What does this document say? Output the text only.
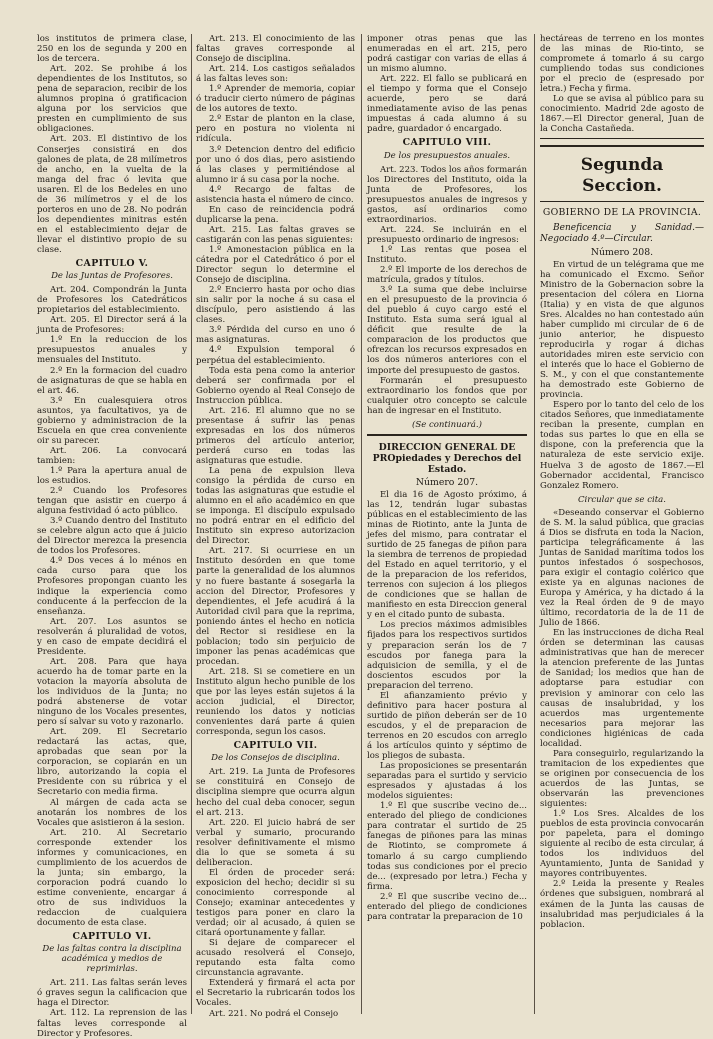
los institutos de primera clase, 250 en los de segunda y 200 en los de tercera.

Art. 202. Se prohibe á los dependientes de los Institutos, so pena de separacion, recibir de los alumnos propina ó gratificacion alguna por los servicios que presten en cumplimiento de sus obligaciones.

Art. 203. El distintivo de los Conserjes consistirá en dos galones de plata, de 28 milímetros de ancho, en la vuelta de la manga del frac ó levita que usaren. El de los Bedeles en uno de 36 milímetros y el de los porteros en uno de 28. No podrán los dependientes minitras estén en el establecimiento dejar de llevar el distintivo propio de su clase.

CAPITULO V.
De las Juntas de Profesores.

Art. 204. Compondrán la Junta de Profesores los Catedráticos propietarios del establecimiento.

Art. 205. El Director será á la junta de Profesores:

1.º En la reduccion de los presupuestos anuales y mensuales del Instituto.

2.º En la formacion del cuadro de asignaturas de que se habla en el art. 46.

3.º En cualesquiera otros asuntos, ya facultativos, ya de gobierno y administracion de la Escuela en que crea conveniente oir su parecer.

Art. 206. La convocará tambien:

1.º Para la apertura anual de los estudios.

2.º Cuando los Profesores tengan que asistir en cuerpo á alguna festividad ó acto público.

3.º Cuando dentro del Instituto se celebre algun acto que á juicio del Director merezca la presencia de todos los Profesores.

4.º Dos veces á lo ménos en cada curso para que los Profesores propongan cuanto les indique la experiencia como conducente á la perfeccion de la enseñanza.

Art. 207. Los asuntos se resolverán á pluralidad de votos, y en caso de empate decidirá el Presidente.

Art. 208. Para que haya acuerdo ha de tomar parte en la votacion la mayoría absoluta de los individuos de la Junta; no podrá abstenerse de votar ninguno de los Vocales presentes, pero sí salvar su voto y razonarlo.

Art. 209. El Secretario redactará las actas, que, aprobadas que sean por la corporacion, se copiarán en un libro, autorizando la copia el Presidente con su rúbrica y el Secretario con media firma.

Al márgen de cada acta se anotarán los nombres de los Vocales que asistieron á la sesion.

Art. 210. Al Secretario corresponde extender los informes y comunicaciones, en cumplimiento de los acuerdos de la junta; sin embargo, la corporacion podrá cuando lo estime conveniente, encargar á otro de sus individuos la redaccion de cualquiera documento de esta clase.

CAPITULO VI.
De las faltas contra la disciplina académica y medios de reprimirlas.

Art. 211. Las faltas serán leves ó graves segun la calificacion que haga el Director.

Art. 112. La reprension de las faltas leves corresponde al Director y Profesores.

Art. 213. El conocimiento de las faltas graves corresponde al Consejo de disciplina.

Art. 214. Los castigos señalados á las faltas leves son:

1.º Aprender de memoria, copiar ó traducir cierto número de páginas de los autores de texto.

2.º Estar de planton en la clase, pero en postura no violenta ni ridícula.

3.º Detencion dentro del edificio por uno ó dos dias, pero asistiendo á las clases y permitiéndose al alumno ir á su casa por la noche.

4.º Recargo de faltas de asistencia hasta el número de cinco.

En caso de reincidencia podrá duplicarse la pena.

Art. 215. Las faltas graves se castigarán con las penas siguientes:

1.º Amonestacion pública en la cátedra por el Catedrático ó por el Director segun lo determine el Consejo de disciplina.

2.º Encierro hasta por ocho dias sin salir por la noche á su casa el discípulo, pero asistiendo á las clases.

3.º Pérdida del curso en uno ó mas asignaturas.

4.º Expulsion temporal ó perpétua del establecimiento.

Toda esta pena como la anterior deberá ser confirmada por el Gobierno oyendo al Real Consejo de Instruccion pública.

Art. 216. El alumno que no se presentase á sufrir las penas expresadas en los dos números primeros del artículo anterior, perderá curso en todas las asignaturas que estudie.

La pena de expulsion lleva consigo la pérdida de curso en todas las asignaturas que estudie el alumno en el año académico en que se imponga. El discípulo expulsado no podrá entrar en el edificio del Instituto sin expreso autorizacion del Director.

Art. 217. Si ocurriese en un Instituto desórden en que tome parte la generalidad de los alumnos y no fuere bastante á sosegarla la accion del Director, Profesores y dependientes, el Jefe acudirá á la Autoridad civil para que la reprima, poniendo ántes el hecho en noticia del Rector si residiese en la poblacion; todo sin perjuicio de imponer las penas académicas que procedan.

Art. 218. Si se cometiere en un Instituto algun hecho punible de los que por las leyes están sujetos á la accion judicial, el Director, reuniendo los datos y noticias convenientes dará parte á quien corresponda, segun los casos.

CAPITULO VII.
De los Consejos de disciplina.

Art. 219. La Junta de Profesores se constituirá en Consejo de disciplina siempre que ocurra algun hecho del cual deba conocer, segun el art. 213.

Art. 220. El juicio habrá de ser verbal y sumario, procurando resolver definitivamente el mismo dia lo que se someta á su deliberacion.

El órden de proceder será: exposicion del hecho; decidir si su conocimiento corresponde al Consejo; examinar antecedentes y testigos para poner en claro la verdad; oir al acusado, á quien se citará oportunamente y fallar.

Si dejare de comparecer el acusado resolverá el Consejo, reputando esta falta como circunstancia agravante.

Extenderá y firmará el acta por el Secretario la rubricarán todos los Vocales.

Art. 221. No podrá el Consejo

imponer otras penas que las enumeradas en el art. 215, pero podrá castigar con varias de ellas á un mismo alumno.

Art. 222. El fallo se publicará en el tiempo y forma que el Consejo acuerde, pero se dará inmediatamente aviso de las penas impuestas á cada alumno á su padre, guardador ó encargado.

CAPITULO VIII.
De los presupuestos anuales.

Art. 223. Todos los años formarán los Directores del Instituto, oida la Junta de Profesores, los presupuestos anuales de ingresos y gastos, así ordinarios como extraordinarios.

Art. 224. Se incluirán en el presupuesto ordinario de ingresos:

1.º Las rentas que posea el Instituto.

2.º El importe de los derechos de matrícula, grados y títulos.

3.º La suma que debe incluirse en el presupuesto de la provincia ó del pueblo á cuyo cargo esté el Instituto. Esta suma será igual al déficit que resulte de la comparacion de los productos que ofrezcan los recursos expresados en los dos números anteriores con el importe del presupuesto de gastos.

Formarán el presupuesto extraordinario los fondos que por cualquier otro concepto se calcule han de ingresar en el Instituto.

(Se continuará.)
DIRECCION GENERAL DE PROpiedades y Derechos del Estado.
Número 207.

El dia 16 de Agosto próximo, á las 12, tendrán lugar subastas públicas en el establecimiento de las minas de Riotinto, ante la Junta de jefes del mismo, para contratar el surtido de 25 fanegas de piñon para la siembra de terrenos de propiedad del Estado en aquel territorio, y el de la preparacion de los referidos, terrenos con sujecion á los pliegos de condiciones que se hallan de manifiesto en esta Direccion general y en el citado punto de subasta.

Los precios máximos admisibles fijados para los respectivos surtidos y preparacion serán los de 7 escudos por fanega para la adquisicion de semilla, y el de doscientos escudos por la preparacion del terreno.

El afianzamiento prévio y definitivo para hacer postura al surtido de piñon deberán ser de 10 escudos, y el de preparacion de terrenos en 20 escudos con arreglo á los artículos quinto y séptimo de los pliegos de subasta.

Las proposiciones se presentarán separadas para el surtido y servicio espresados y ajustadas á los modelos siguientes:

1.º El que suscribe vecino de... enterado del pliego de condiciones para contratar el surtido de 25 fanegas de piñones para las minas de Riotinto, se compromete á tomarlo á su cargo cumpliendo todas sus condiciones por el precio de... (expresado por letra.) Fecha y firma.

2.º El que suscribe vecino de... enterado del pliego de condiciones para contratar la preparacion de 10

hectáreas de terreno en los montes de las minas de Rio-tinto, se compromete á tomarlo á su cargo cumpliendo todas sus condiciones por el precio de (espresado por letra.) Fecha y firma.

Lo que se avisa al público para su conocimiento. Madrid 2de agosto de 1867.—El Director general, Juan de la Concha Castañeda.

Segunda Seccion.
GOBIERNO DE LA PROVINCIA.

Beneficencia y Sanidad.—Negociado 4.º—Circular.

Número 208.

En virtud de un telégrama que me ha comunicado el Excmo. Señor Ministro de la Gobernacion sobre la presentacion del cólera en Liorna (Italia) y en vista de que algunos Sres. Alcaldes no han contestado aún haber cumplido mi circular de 6 de junio anterior, he dispuesto reproducirla y rogar á dichas autoridades miren este servicio con el interés que lo hace el Gobierno de S. M., y con el que constantemente ha demostrado este Gobierno de provincia.

Espero por lo tanto del celo de los citados Señores, que inmediatamente reciban la presente, cumplan en todas sus partes lo que en ella se dispone, con la preferencia que la naturaleza de este servicio exije. Huelva 3 de agosto de 1867.—El Gobernador accidental, Francisco Gonzalez Romero.

Circular que se cita.

«Deseando conservar el Gobierno de S. M. la salud pública, que gracias á Dios se disfruta en toda la Nacion, participa telegráficamente á las Juntas de Sanidad marítima todos los puntos infestados ó sospechosos, para exigir el contagio colérico que existe ya en algunas naciones de Europa y América, y ha dictado á la vez la Real órden de 9 de mayo último, recordatoria de la de 11 de Julio de 1866.

En las instrucciones de dicha Real órden se determinan las causas administrativas que han de merecer la atencion preferente de las Juntas de Sanidad; los medios que han de adoptarse para estudiar con prevision y aminorar con celo las causas de insalubridad, y los acuerdos mas urgentemente necesarios para mejorar las condiciones higiénicas de cada localidad.

Para conseguirlo, regularizando la tramitacion de los expedientes que se originen por consecuencia de los acuerdos de las Juntas, se observarán las prevenciones siguientes:

1.º Los Sres. Alcaldes de los pueblos de esta provincia convocarán por papeleta, para el domingo siguiente al recibo de esta circular, á todos los individuos del Ayuntamiento, Junta de Sanidad y mayores contribuyentes.

2.º Leida la presente y Reales órdenes que subsiguen, nombrará al exámen de la Junta las causas de insalubridad mas perjudiciales á la poblacion.
